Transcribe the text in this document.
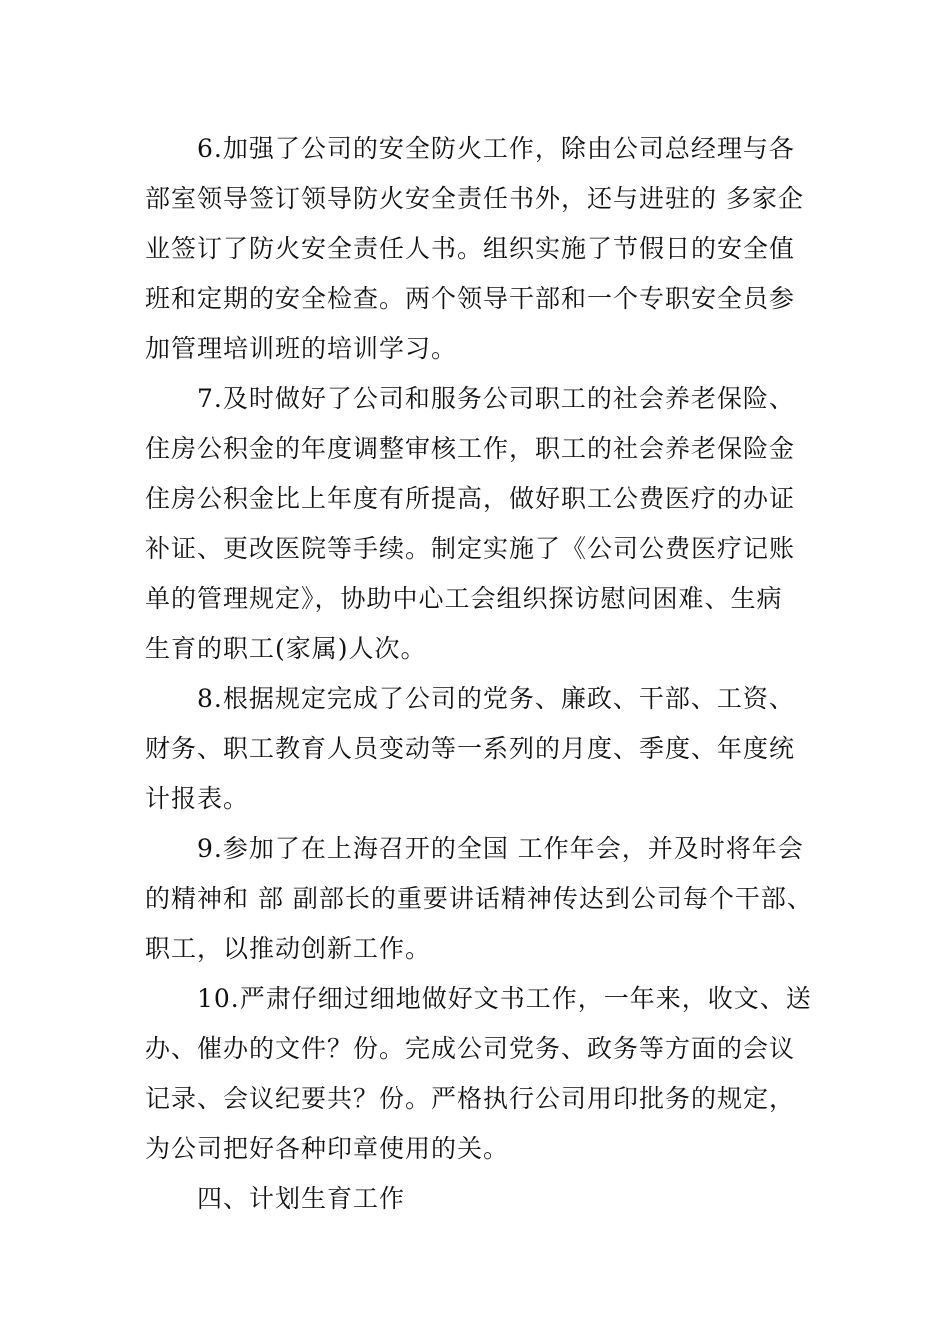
6.加强了公司的安全防火工作，除由公司总经理与各
部室领导签订领导防火安全责任书外，还与进驻的 多家企
业签订了防火安全责任人书。组织实施了节假日的安全值
班和定期的安全检查。两个领导干部和一个专职安全员参
加管理培训班的培训学习。
7.及时做好了公司和服务公司职工的社会养老保险、
住房公积金的年度调整审核工作，职工的社会养老保险金
住房公积金比上年度有所提高，做好职工公费医疗的办证
补证、更改医院等手续。制定实施了《公司公费医疗记账
单的管理规定》，协助中心工会组织探访慰问困难、生病
生育的职工(家属)人次。
8.根据规定完成了公司的党务、廉政、干部、工资、
财务、职工教育人员变动等一系列的月度、季度、年度统
计报表。
9.参加了在上海召开的全国 工作年会，并及时将年会
的精神和 部 副部长的重要讲话精神传达到公司每个干部、
职工，以推动创新工作。
10.严肃仔细过细地做好文书工作，一年来，收文、送
办、催办的文件？份。完成公司党务、政务等方面的会议
记录、会议纪要共？份。严格执行公司用印批务的规定，
为公司把好各种印章使用的关。
四、计划生育工作
